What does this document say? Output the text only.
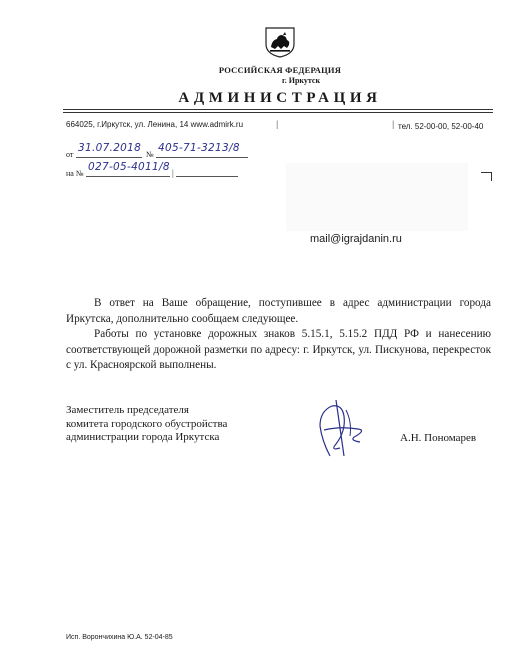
РОССИЙСКАЯ ФЕДЕРАЦИЯ
г. Иркутск
АДМИНИСТРАЦИЯ
664025, г.Иркутск, ул. Ленина, 14 www.admirk.ru	|	| тел. 52-00-00, 52-00-40
от
31.07.2018
№
405-71-3213/8
на №
027-05-4011/8 |
mail@igrajdanin.ru

В ответ на Ваше обращение, поступившее в адрес администрации города Иркутска, дополнительно сообщаем следующее.

Работы по установке дорожных знаков 5.15.1, 5.15.2 ПДД РФ и нанесению соответствующей дорожной разметки по адресу: г. Иркутск, ул. Пискунова, перекресток с ул. Красноярской выполнены.

Заместитель председателя
комитета городского обустройства
администрации города Иркутска	А.Н. Пономарев
Исп. Ворончихина Ю.А. 52-04-85
